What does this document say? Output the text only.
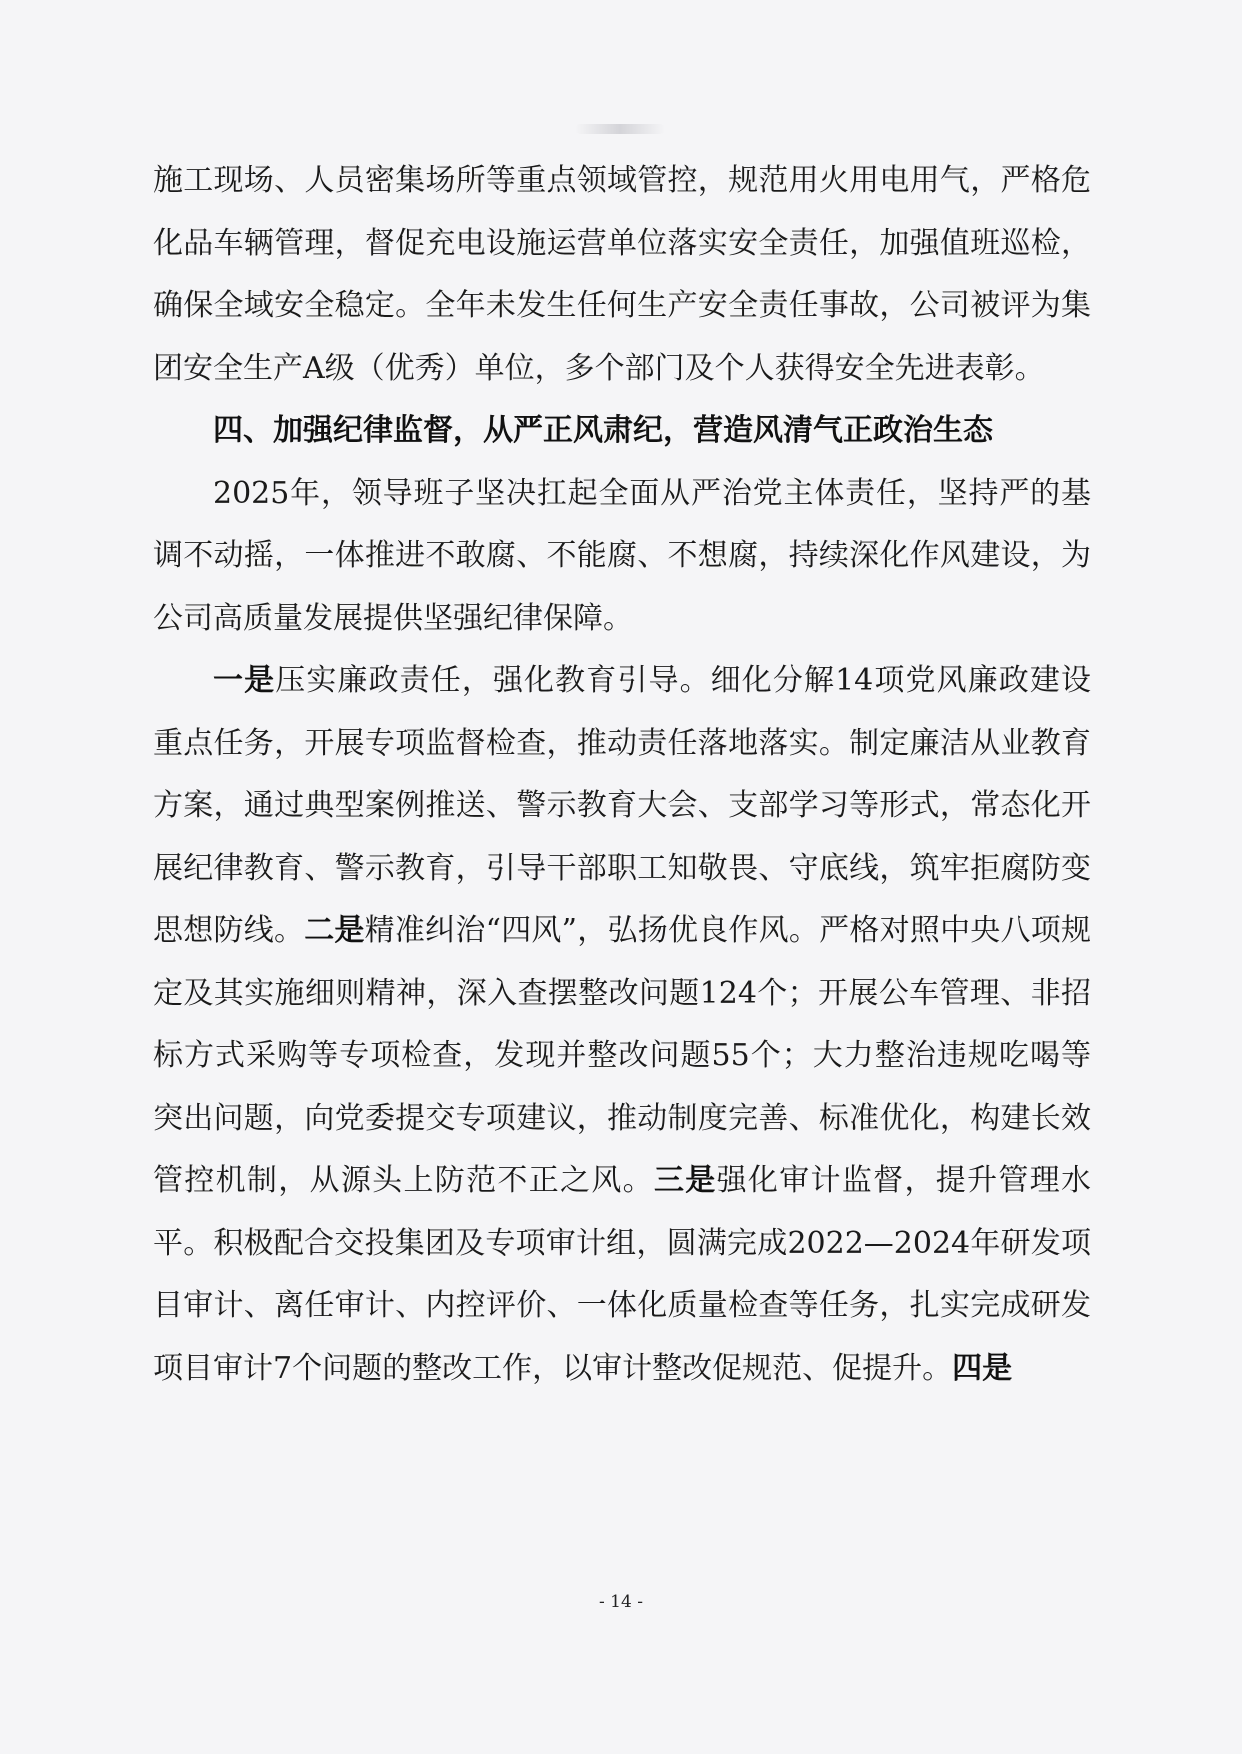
施工现场、人员密集场所等重点领域管控，规范用火用电用气，严格危化品车辆管理，督促充电设施运营单位落实安全责任，加强值班巡检，确保全域安全稳定。全年未发生任何生产安全责任事故，公司被评为集团安全生产A级（优秀）单位，多个部门及个人获得安全先进表彰。

四、加强纪律监督，从严正风肃纪，营造风清气正政治生态

2025年，领导班子坚决扛起全面从严治党主体责任，坚持严的基调不动摇，一体推进不敢腐、不能腐、不想腐，持续深化作风建设，为公司高质量发展提供坚强纪律保障。

一是压实廉政责任，强化教育引导。细化分解14项党风廉政建设重点任务，开展专项监督检查，推动责任落地落实。制定廉洁从业教育方案，通过典型案例推送、警示教育大会、支部学习等形式，常态化开展纪律教育、警示教育，引导干部职工知敬畏、守底线，筑牢拒腐防变思想防线。二是精准纠治“四风”，弘扬优良作风。严格对照中央八项规定及其实施细则精神，深入查摆整改问题124个；开展公车管理、非招标方式采购等专项检查，发现并整改问题55个；大力整治违规吃喝等突出问题，向党委提交专项建议，推动制度完善、标准优化，构建长效管控机制，从源头上防范不正之风。三是强化审计监督，提升管理水平。积极配合交投集团及专项审计组，圆满完成2022—2024年研发项目审计、离任审计、内控评价、一体化质量检查等任务，扎实完成研发项目审计7个问题的整改工作，以审计整改促规范、促提升。四是

- 14 -
